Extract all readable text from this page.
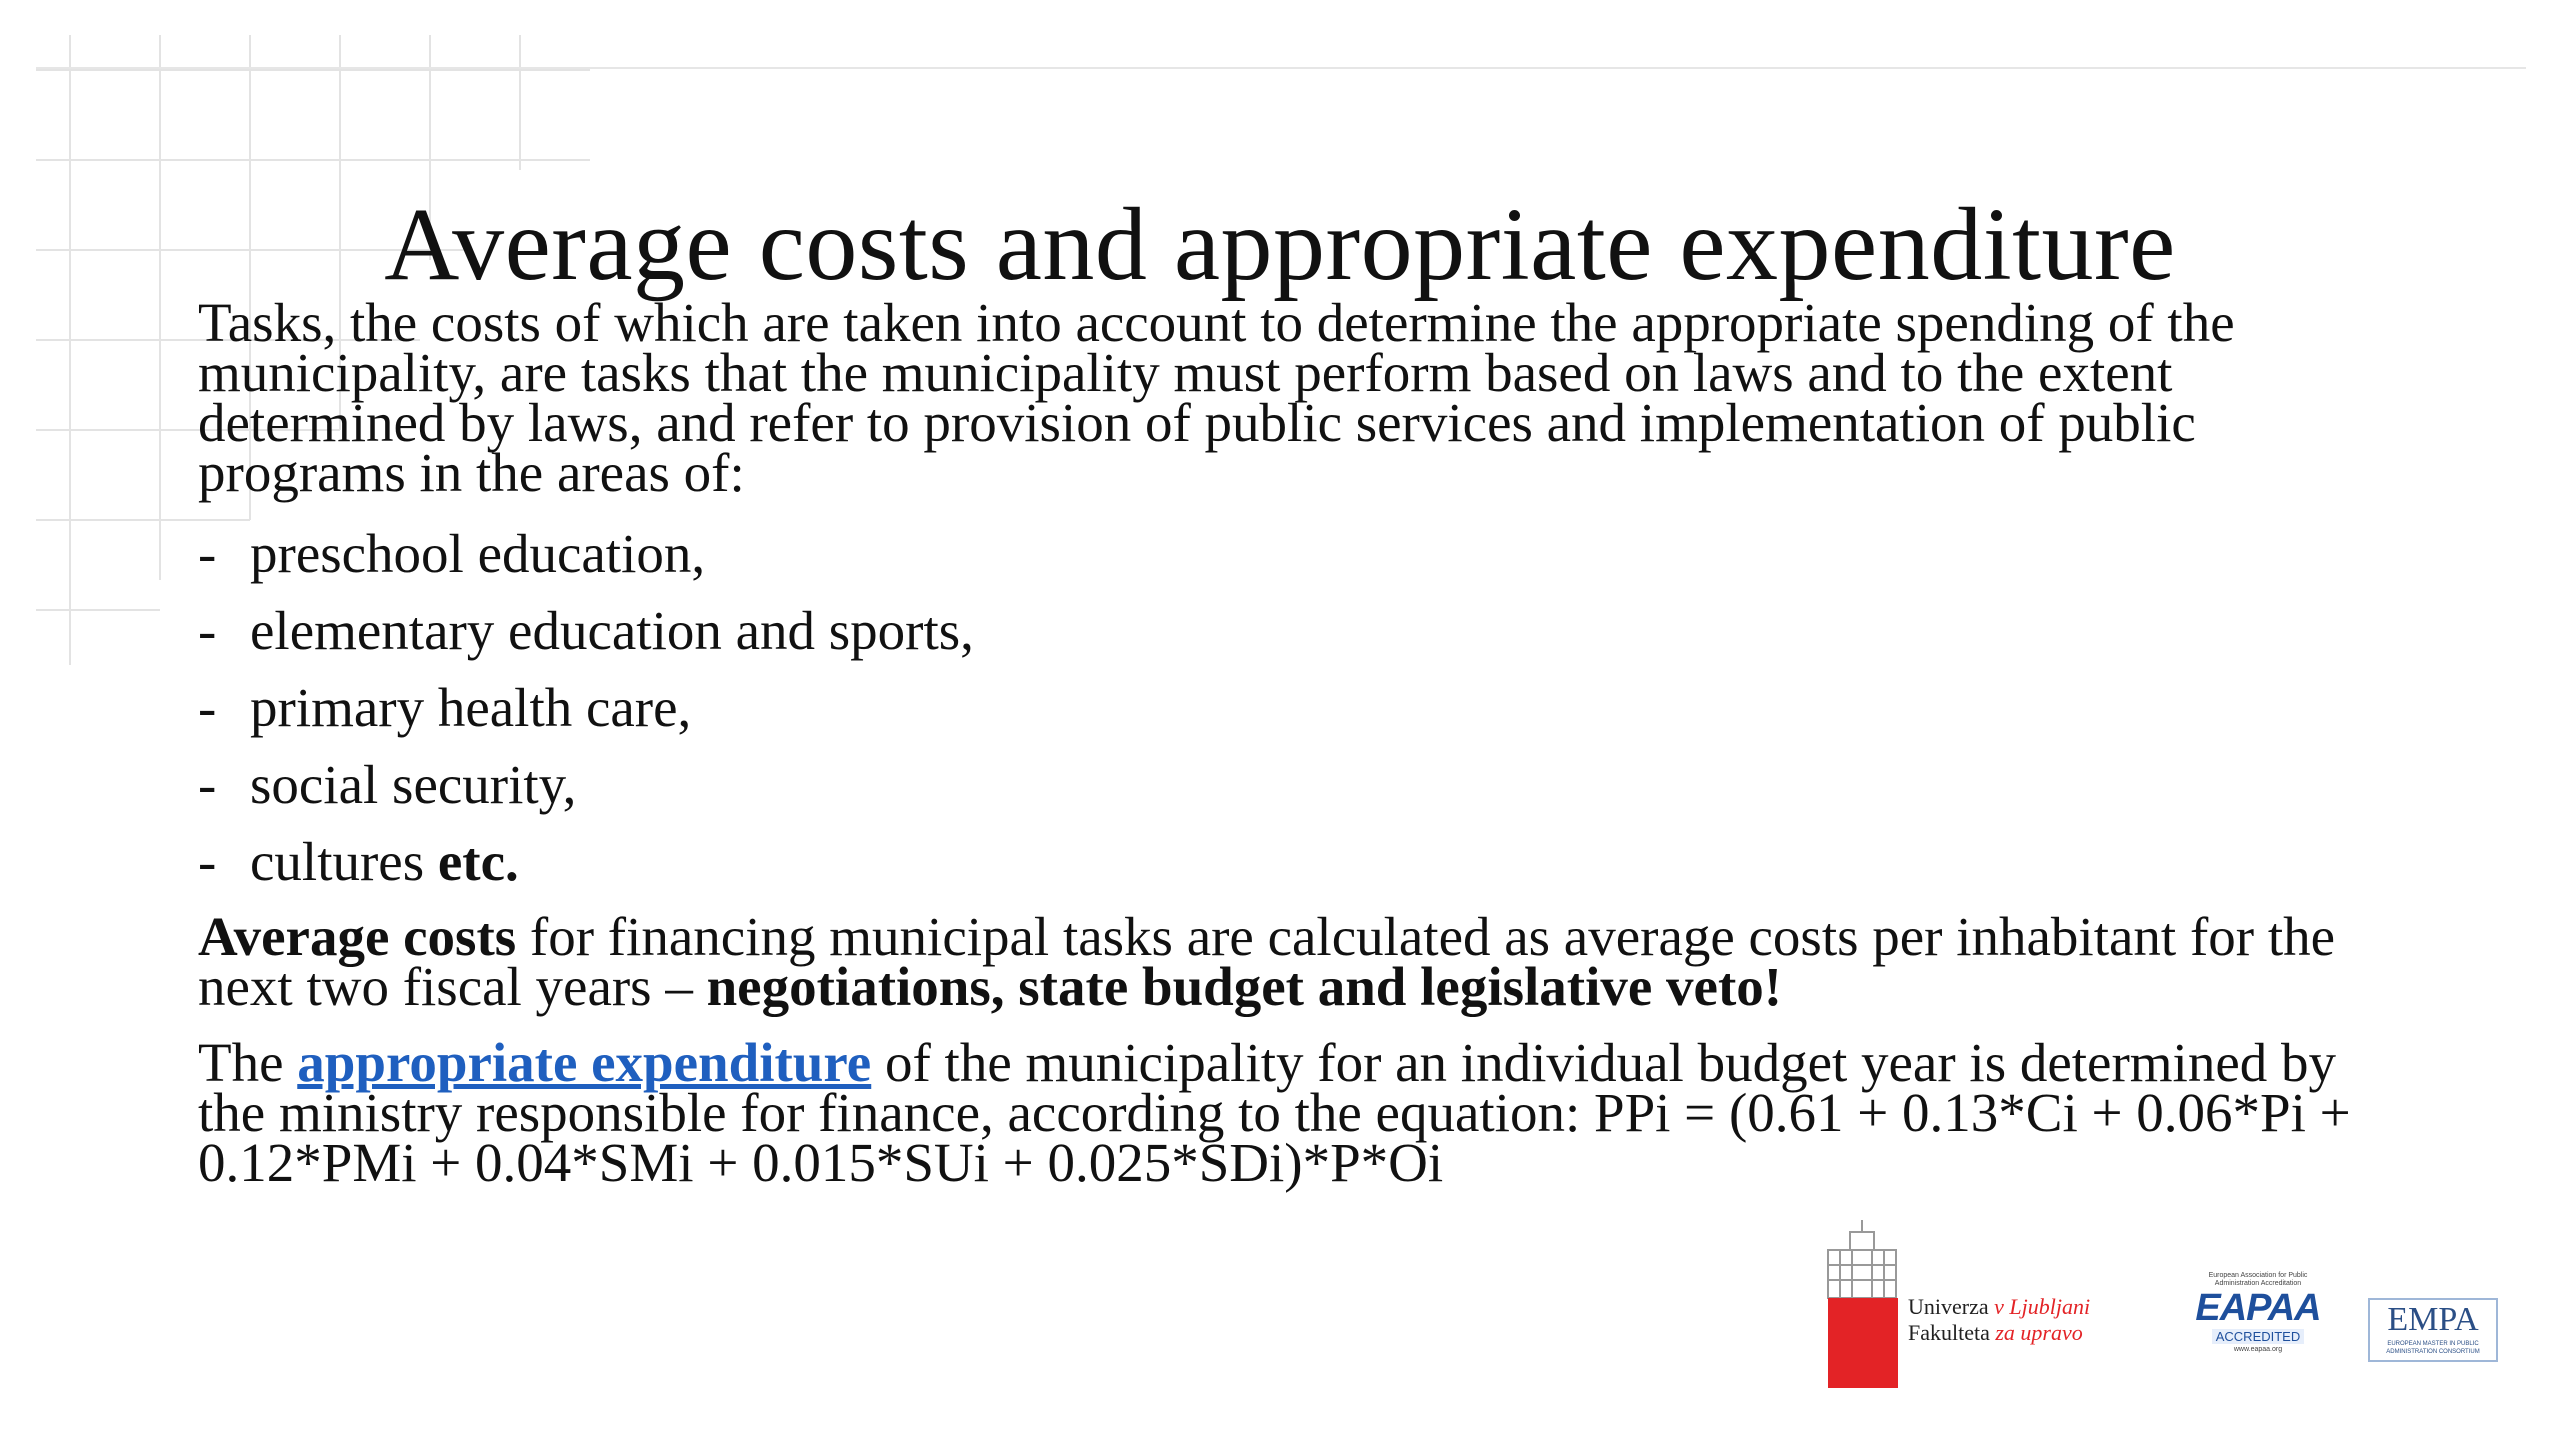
Average costs and appropriate expenditure

Tasks, the costs of which are taken into account to determine the appropriate spending of the municipality, are tasks that the municipality must perform based on laws and to the extent determined by laws, and refer to provision of public services and implementation of public programs in the areas of:

- preschool education,
- elementary education and sports,
- primary health care,
- social security,
- cultures etc.

Average costs for financing municipal tasks are calculated as average costs per inhabitant for the next two fiscal years – negotiations, state budget and legislative veto!

The appropriate expenditure of the municipality for an individual budget year is determined by the ministry responsible for finance, according to the equation: PPi = (0.61 + 0.13*Ci + 0.06*Pi + 0.12*PMi + 0.04*SMi + 0.015*SUi + 0.025*SDi)*P*Oi

Univerza v Ljubljani
Fakulteta za upravo
European Association for Public Administration Accreditation
EAPAA
ACCREDITED
www.eapaa.org
EMPA
EUROPEAN MASTER IN PUBLIC ADMINISTRATION CONSORTIUM
